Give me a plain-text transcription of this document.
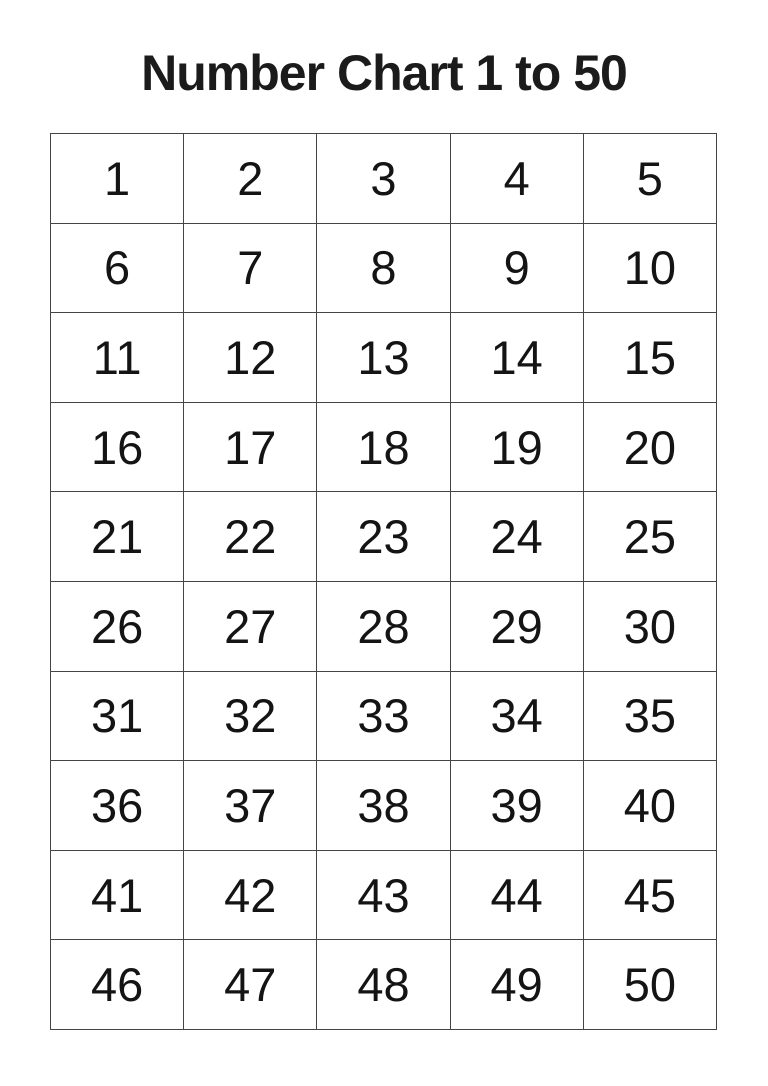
Number Chart 1 to 50
1	2	3	4	5
6	7	8	9	10
11	12	13	14	15
16	17	18	19	20
21	22	23	24	25
26	27	28	29	30
31	32	33	34	35
36	37	38	39	40
41	42	43	44	45
46	47	48	49	50
